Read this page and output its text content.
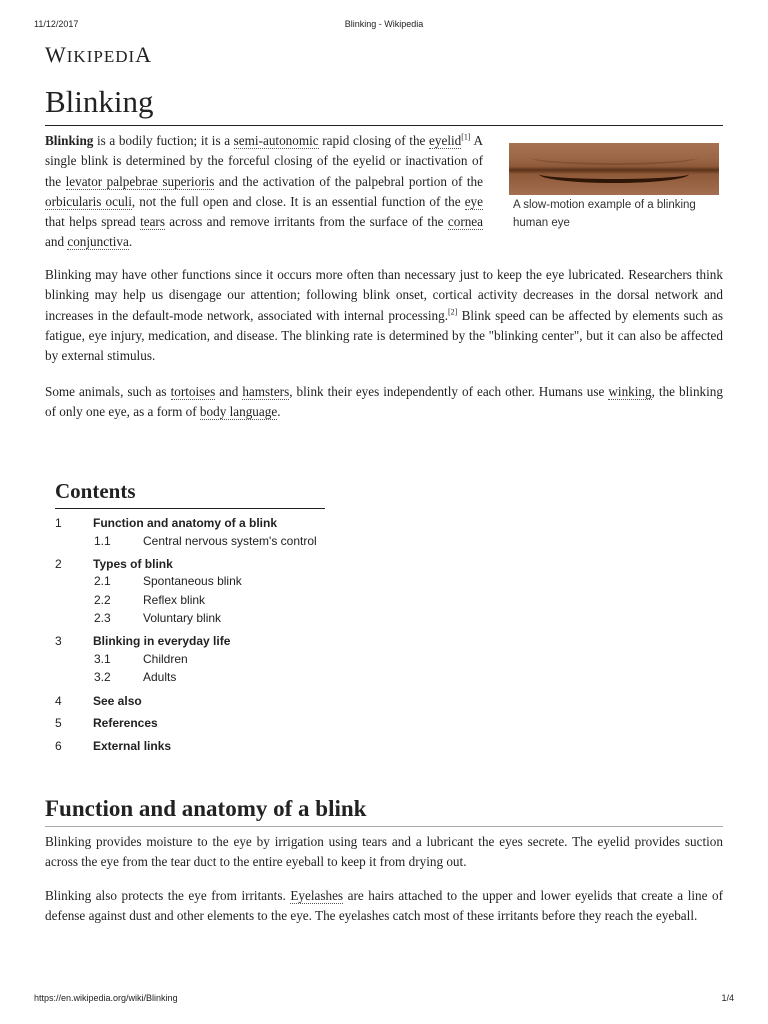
11/12/2017	Blinking - Wikipedia
WIKIPEDIA
Blinking

Blinking is a bodily fuction; it is a semi-autonomic rapid closing of the eyelid[1] A single blink is determined by the forceful closing of the eyelid or inactivation of the levator palpebrae superioris and the activation of the palpebral portion of the orbicularis oculi, not the full open and close. It is an essential function of the eye that helps spread tears across and remove irritants from the surface of the cornea and conjunctiva.

A slow-motion example of a blinking human eye

Blinking may have other functions since it occurs more often than necessary just to keep the eye lubricated. Researchers think blinking may help us disengage our attention; following blink onset, cortical activity decreases in the dorsal network and increases in the default-mode network, associated with internal processing.[2] Blink speed can be affected by elements such as fatigue, eye injury, medication, and disease. The blinking rate is determined by the "blinking center", but it can also be affected by external stimulus.

Some animals, such as tortoises and hamsters, blink their eyes independently of each other. Humans use winking, the blinking of only one eye, as a form of body language.

Contents
1	Function and anatomy of a blink
1.1	Central nervous system's control
2	Types of blink
2.1	Spontaneous blink
2.2	Reflex blink
2.3	Voluntary blink
3	Blinking in everyday life
3.1	Children
3.2	Adults
4	See also
5	References
6	External links
Function and anatomy of a blink

Blinking provides moisture to the eye by irrigation using tears and a lubricant the eyes secrete. The eyelid provides suction across the eye from the tear duct to the entire eyeball to keep it from drying out.

Blinking also protects the eye from irritants. Eyelashes are hairs attached to the upper and lower eyelids that create a line of defense against dust and other elements to the eye. The eyelashes catch most of these irritants before they reach the eyeball.

https://en.wikipedia.org/wiki/Blinking	1/4
